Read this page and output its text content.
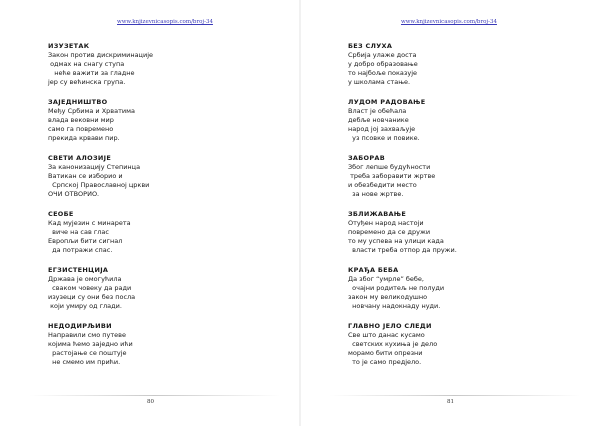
www.knjizevnicasopis.com/broj-34
ИЗУЗЕТАК
Закон против дискриминације
одмах на снагу ступа
неће важити за гладне
јер су већинска група.
ЗАЈЕДНИШТВО
Међу Србима и Хрватима
влада вековни мир
само га повремено
прекида крвави пир.
СВЕТИ АЛОЗИЈЕ
За канонизацију Степинца
Ватикан се изборио и
Српској Православној цркви
ОЧИ ОТВОРИО.
СЕОБЕ
Кад мујезин с минарета
виче на сав глас
Европљи бити сигнал
да потражи спас.
ЕГЗИСТЕНЦИЈА
Држава је омогућила
сваком човеку да ради
изузеци су они без посла
који умиру од глади.
НЕДОДИРЉИВИ
Направили смо путеве
којима ћемо заједно ићи
растојање се поштује
не смемо им прићи.
80
www.knjizevnicasopis.com/broj-34
БЕЗ СЛУХА
Србија улаже доста
у добро образовање
то најбоље показује
у школама стање.
ЛУДОМ РАДОВАЊЕ
Власт је обећала
дебље новчанике
народ јој захваљује
уз псовке и повике.
ЗАБОРАВ
Због лепше будућности
треба заборавити жртве
и обезбедити место
за нове жртве.
ЗБЛИЖАВАЊЕ
Отуђен народ настоји
повремено да се дружи
то му успева на улици када
власти треба отпор да пружи.
КРАЂА БЕБА
Да због “умрле” бебе,
очајни родитељ не полуди
закон му великодушно
новчану надокнаду нуди.
ГЛАВНО ЈЕЛО СЛЕДИ
Све што данас кусамо
светских кухиња је дело
морамо бити опрезни
то је само предјело.
81
